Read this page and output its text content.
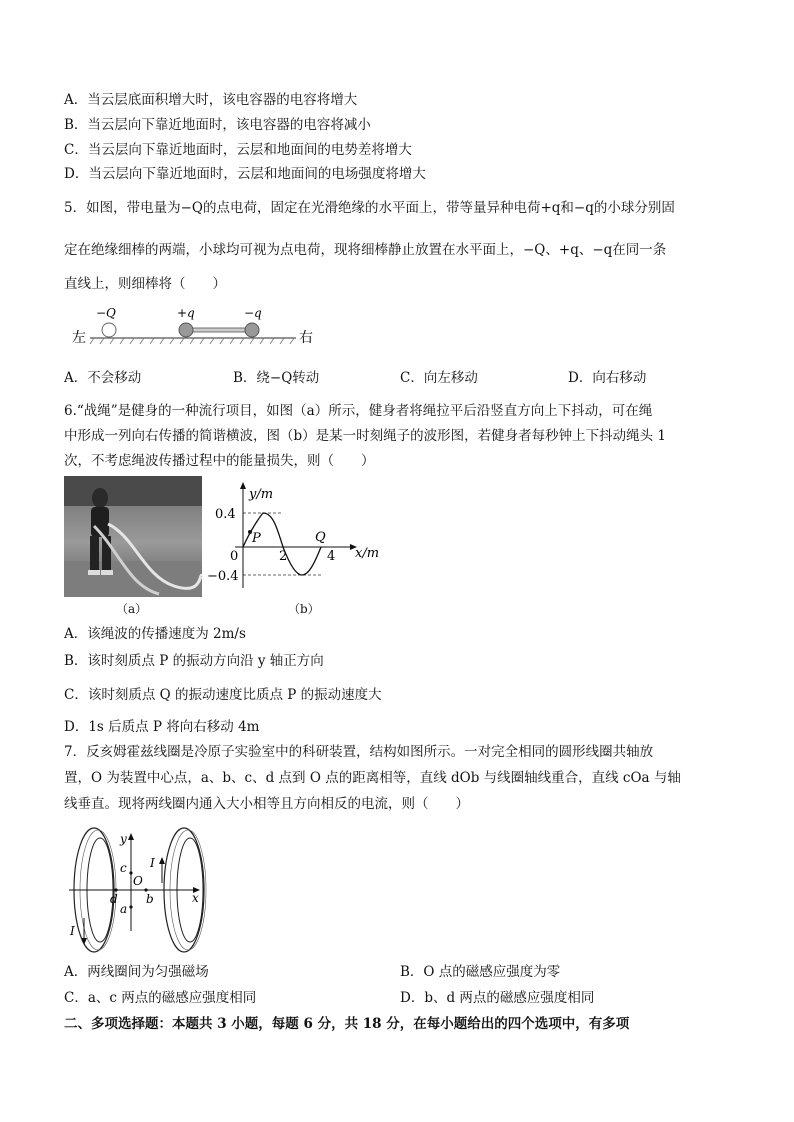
A．当云层底面积增大时，该电容器的电容将增大
B．当云层向下靠近地面时，该电容器的电容将减小
C．当云层向下靠近地面时，云层和地面间的电势差将增大
D．当云层向下靠近地面时，云层和地面间的电场强度将增大
5．如图，带电量为−Q的点电荷，固定在光滑绝缘的水平面上，带等量异种电荷+q和−q的小球分别固
定在绝缘细棒的两端，小球均可视为点电荷，现将细棒静止放置在水平面上，−Q、+q、−q在同一条
直线上，则细棒将（　　）
左
−Q	+q	−q
右
A．不会移动	B．绕−Q转动	C．向左移动	D．向右移动
6.“战绳”是健身的一种流行项目，如图（a）所示，健身者将绳拉平后沿竖直方向上下抖动，可在绳
中形成一列向右传播的简谐横波，图（b）是某一时刻绳子的波形图，若健身者每秒钟上下抖动绳头 1
次，不考虑绳波传播过程中的能量损失，则（　　）
（a）
y/m
x/m
0.4
−0.4
0	2	4
P	Q
（b）
A．该绳波的传播速度为 2m/s
B．该时刻质点 P 的振动方向沿 y 轴正方向
C．该时刻质点 Q 的振动速度比质点 P 的振动速度大
D．1s 后质点 P 将向右移动 4m
7．反亥姆霍兹线圈是冷原子实验室中的科研装置，结构如图所示。一对完全相同的圆形线圈共轴放
置，O 为装置中心点，a、b、c、d 点到 O 点的距离相等，直线 dOb 与线圈轴线重合，直线 cOa 与轴
线垂直。现将两线圈内通入大小相等且方向相反的电流，则（　　）
y
x
c
O
d b
a
I
I
A．两线圈间为匀强磁场	B．O 点的磁感应强度为零
C．a、c 两点的磁感应强度相同	D．b、d 两点的磁感应强度相同
二、多项选择题：本题共 3 小题，每题 6 分，共 18 分，在每小题给出的四个选项中，有多项
